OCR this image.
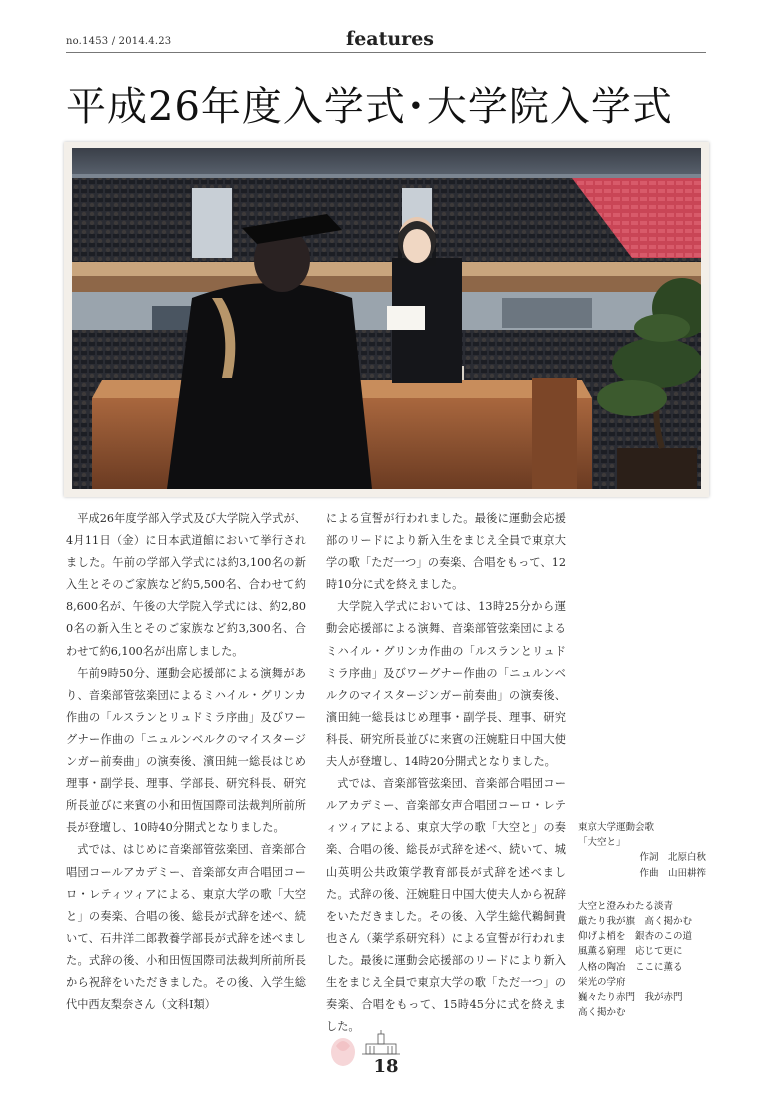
no.1453 / 2014.4.23	features
平成26年度入学式･大学院入学式

平成26年度学部入学式及び大学院入学式が、4月11日（金）に日本武道館において挙行されました。午前の学部入学式には約3,100名の新入生とそのご家族など約5,500名、合わせて約8,600名が、午後の大学院入学式には、約2,800名の新入生とそのご家族など約3,300名、合わせて約6,100名が出席しました。

午前9時50分、運動会応援部による演舞があり、音楽部管弦楽団によるミハイル・グリンカ作曲の「ルスランとリュドミラ序曲」及びワーグナー作曲の「ニュルンベルクのマイスタージンガー前奏曲」の演奏後、濱田純一総長はじめ理事・副学長、理事、学部長、研究科長、研究所長並びに来賓の小和田恆国際司法裁判所前所長が登壇し、10時40分開式となりました。

式では、はじめに音楽部管弦楽団、音楽部合唱団コールアカデミー、音楽部女声合唱団コーロ・レティツィアによる、東京大学の歌「大空と」の奏楽、合唱の後、総長が式辞を述べ、続いて、石井洋二郎教養学部長が式辞を述べました。式辞の後、小和田恆国際司法裁判所前所長から祝辞をいただきました。その後、入学生総代中西友梨奈さん（文科Ⅰ類）

による宣誓が行われました。最後に運動会応援部のリードにより新入生をまじえ全員で東京大学の歌「ただ一つ」の奏楽、合唱をもって、12時10分に式を終えました。

大学院入学式においては、13時25分から運動会応援部による演舞、音楽部管弦楽団によるミハイル・グリンカ作曲の「ルスランとリュドミラ序曲」及びワーグナー作曲の「ニュルンベルクのマイスタージンガー前奏曲」の演奏後、濱田純一総長はじめ理事・副学長、理事、研究科長、研究所長並びに来賓の汪婉駐日中国大使夫人が登壇し、14時20分開式となりました。

式では、音楽部管弦楽団、音楽部合唱団コールアカデミー、音楽部女声合唱団コーロ・レティツィアによる、東京大学の歌「大空と」の奏楽、合唱の後、総長が式辞を述べ、続いて、城山英明公共政策学教育部長が式辞を述べました。式辞の後、汪婉駐日中国大使夫人から祝辞をいただきました。その後、入学生総代鵜飼貴也さん（薬学系研究科）による宣誓が行われました。最後に運動会応援部のリードにより新入生をまじえ全員で東京大学の歌「ただ一つ」の奏楽、合唱をもって、15時45分に式を終えました。

東京大学運動会歌
「大空と」
作詞　北原白秋
作曲　山田耕筰
大空と澄みわたる淡青
厳たり我が旗　高く掲かむ
仰げよ梢を　銀杏のこの道
風薫る窮理　応じて更に
人格の陶冶　ここに薫る
栄光の学府
巍々たり赤門　我が赤門
高く掲かむ
18
